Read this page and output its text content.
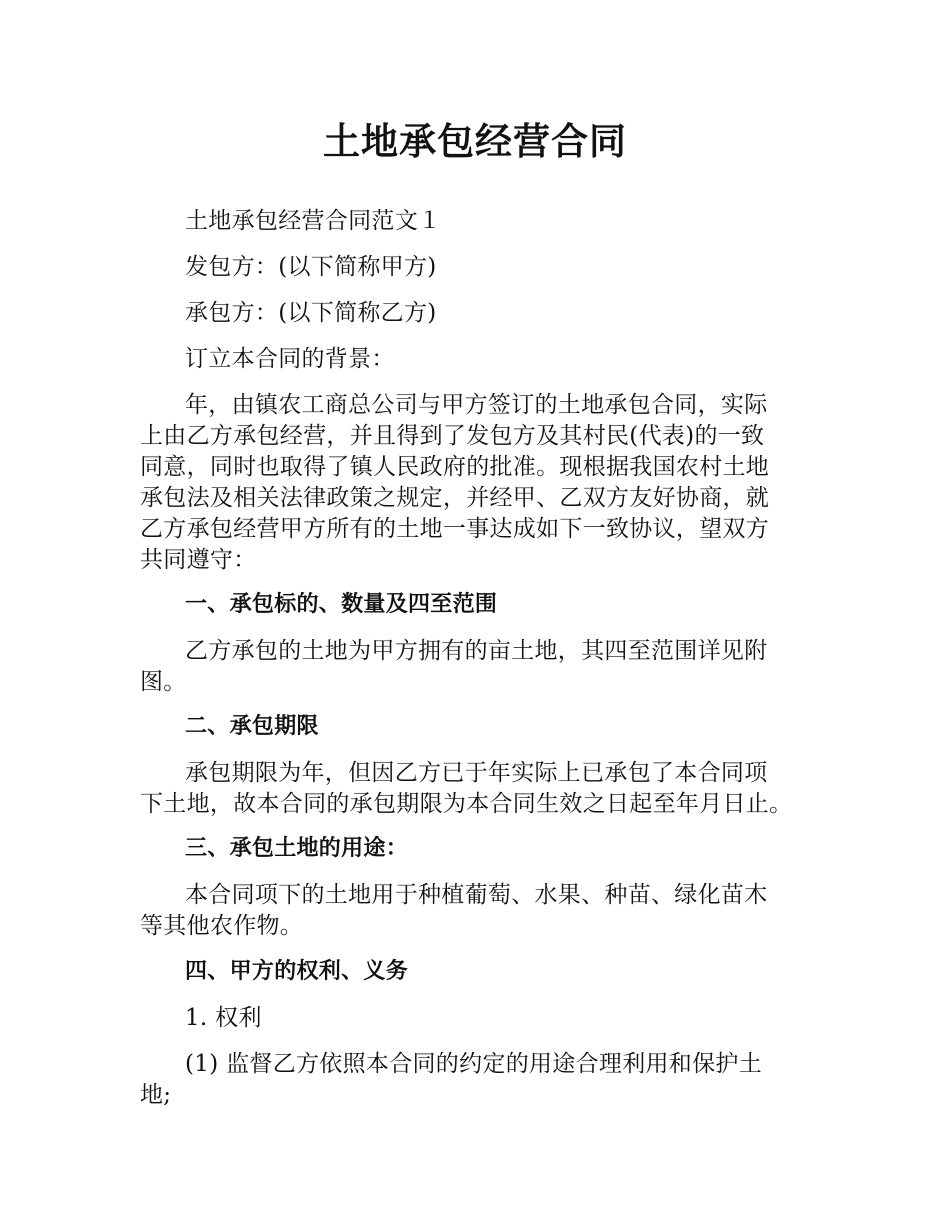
土地承包经营合同

土地承包经营合同范文１

发包方：(以下简称甲方)

承包方：(以下简称乙方)

订立本合同的背景：

年，由镇农工商总公司与甲方签订的土地承包合同，实际

上由乙方承包经营，并且得到了发包方及其村民(代表)的一致

同意，同时也取得了镇人民政府的批准。现根据我国农村土地

承包法及相关法律政策之规定，并经甲、乙双方友好协商，就

乙方承包经营甲方所有的土地一事达成如下一致协议，望双方

共同遵守：

一、承包标的、数量及四至范围

乙方承包的土地为甲方拥有的亩土地，其四至范围详见附

图。

二、承包期限

承包期限为年，但因乙方已于年实际上已承包了本合同项

下土地，故本合同的承包期限为本合同生效之日起至年月日止。

三、承包土地的用途：

本合同项下的土地用于种植葡萄、水果、种苗、绿化苗木

等其他农作物。

四、甲方的权利、义务

1. 权利

(1) 监督乙方依照本合同的约定的用途合理利用和保护土

地;
